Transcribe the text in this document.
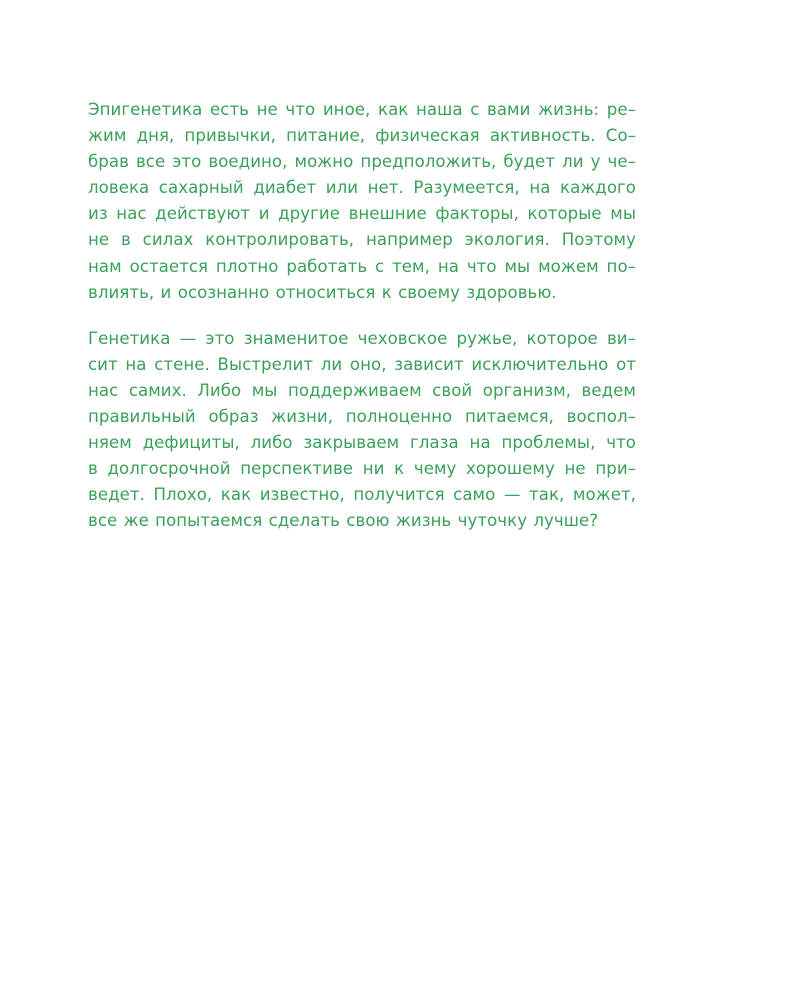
Эпигенетика есть не что иное, как наша с вами жизнь: ре–
жим дня, привычки, питание, физическая активность. Со–
брав все это воедино, можно предположить, будет ли у че–
ловека сахарный диабет или нет. Разумеется, на каждого
из нас действуют и другие внешние факторы, которые мы
не в силах контролировать, например экология. Поэтому
нам остается плотно работать с тем, на что мы можем по–
влиять, и осознанно относиться к своему здоровью.

Генетика — это знаменитое чеховское ружье, которое ви–
сит на стене. Выстрелит ли оно, зависит исключительно от
нас самих. Либо мы поддерживаем свой организм, ведем
правильный образ жизни, полноценно питаемся, воспол–
няем дефициты, либо закрываем глаза на проблемы, что
в долгосрочной перспективе ни к чему хорошему не при–
ведет. Плохо, как известно, получится само — так, может,
все же попытаемся сделать свою жизнь чуточку лучше?
